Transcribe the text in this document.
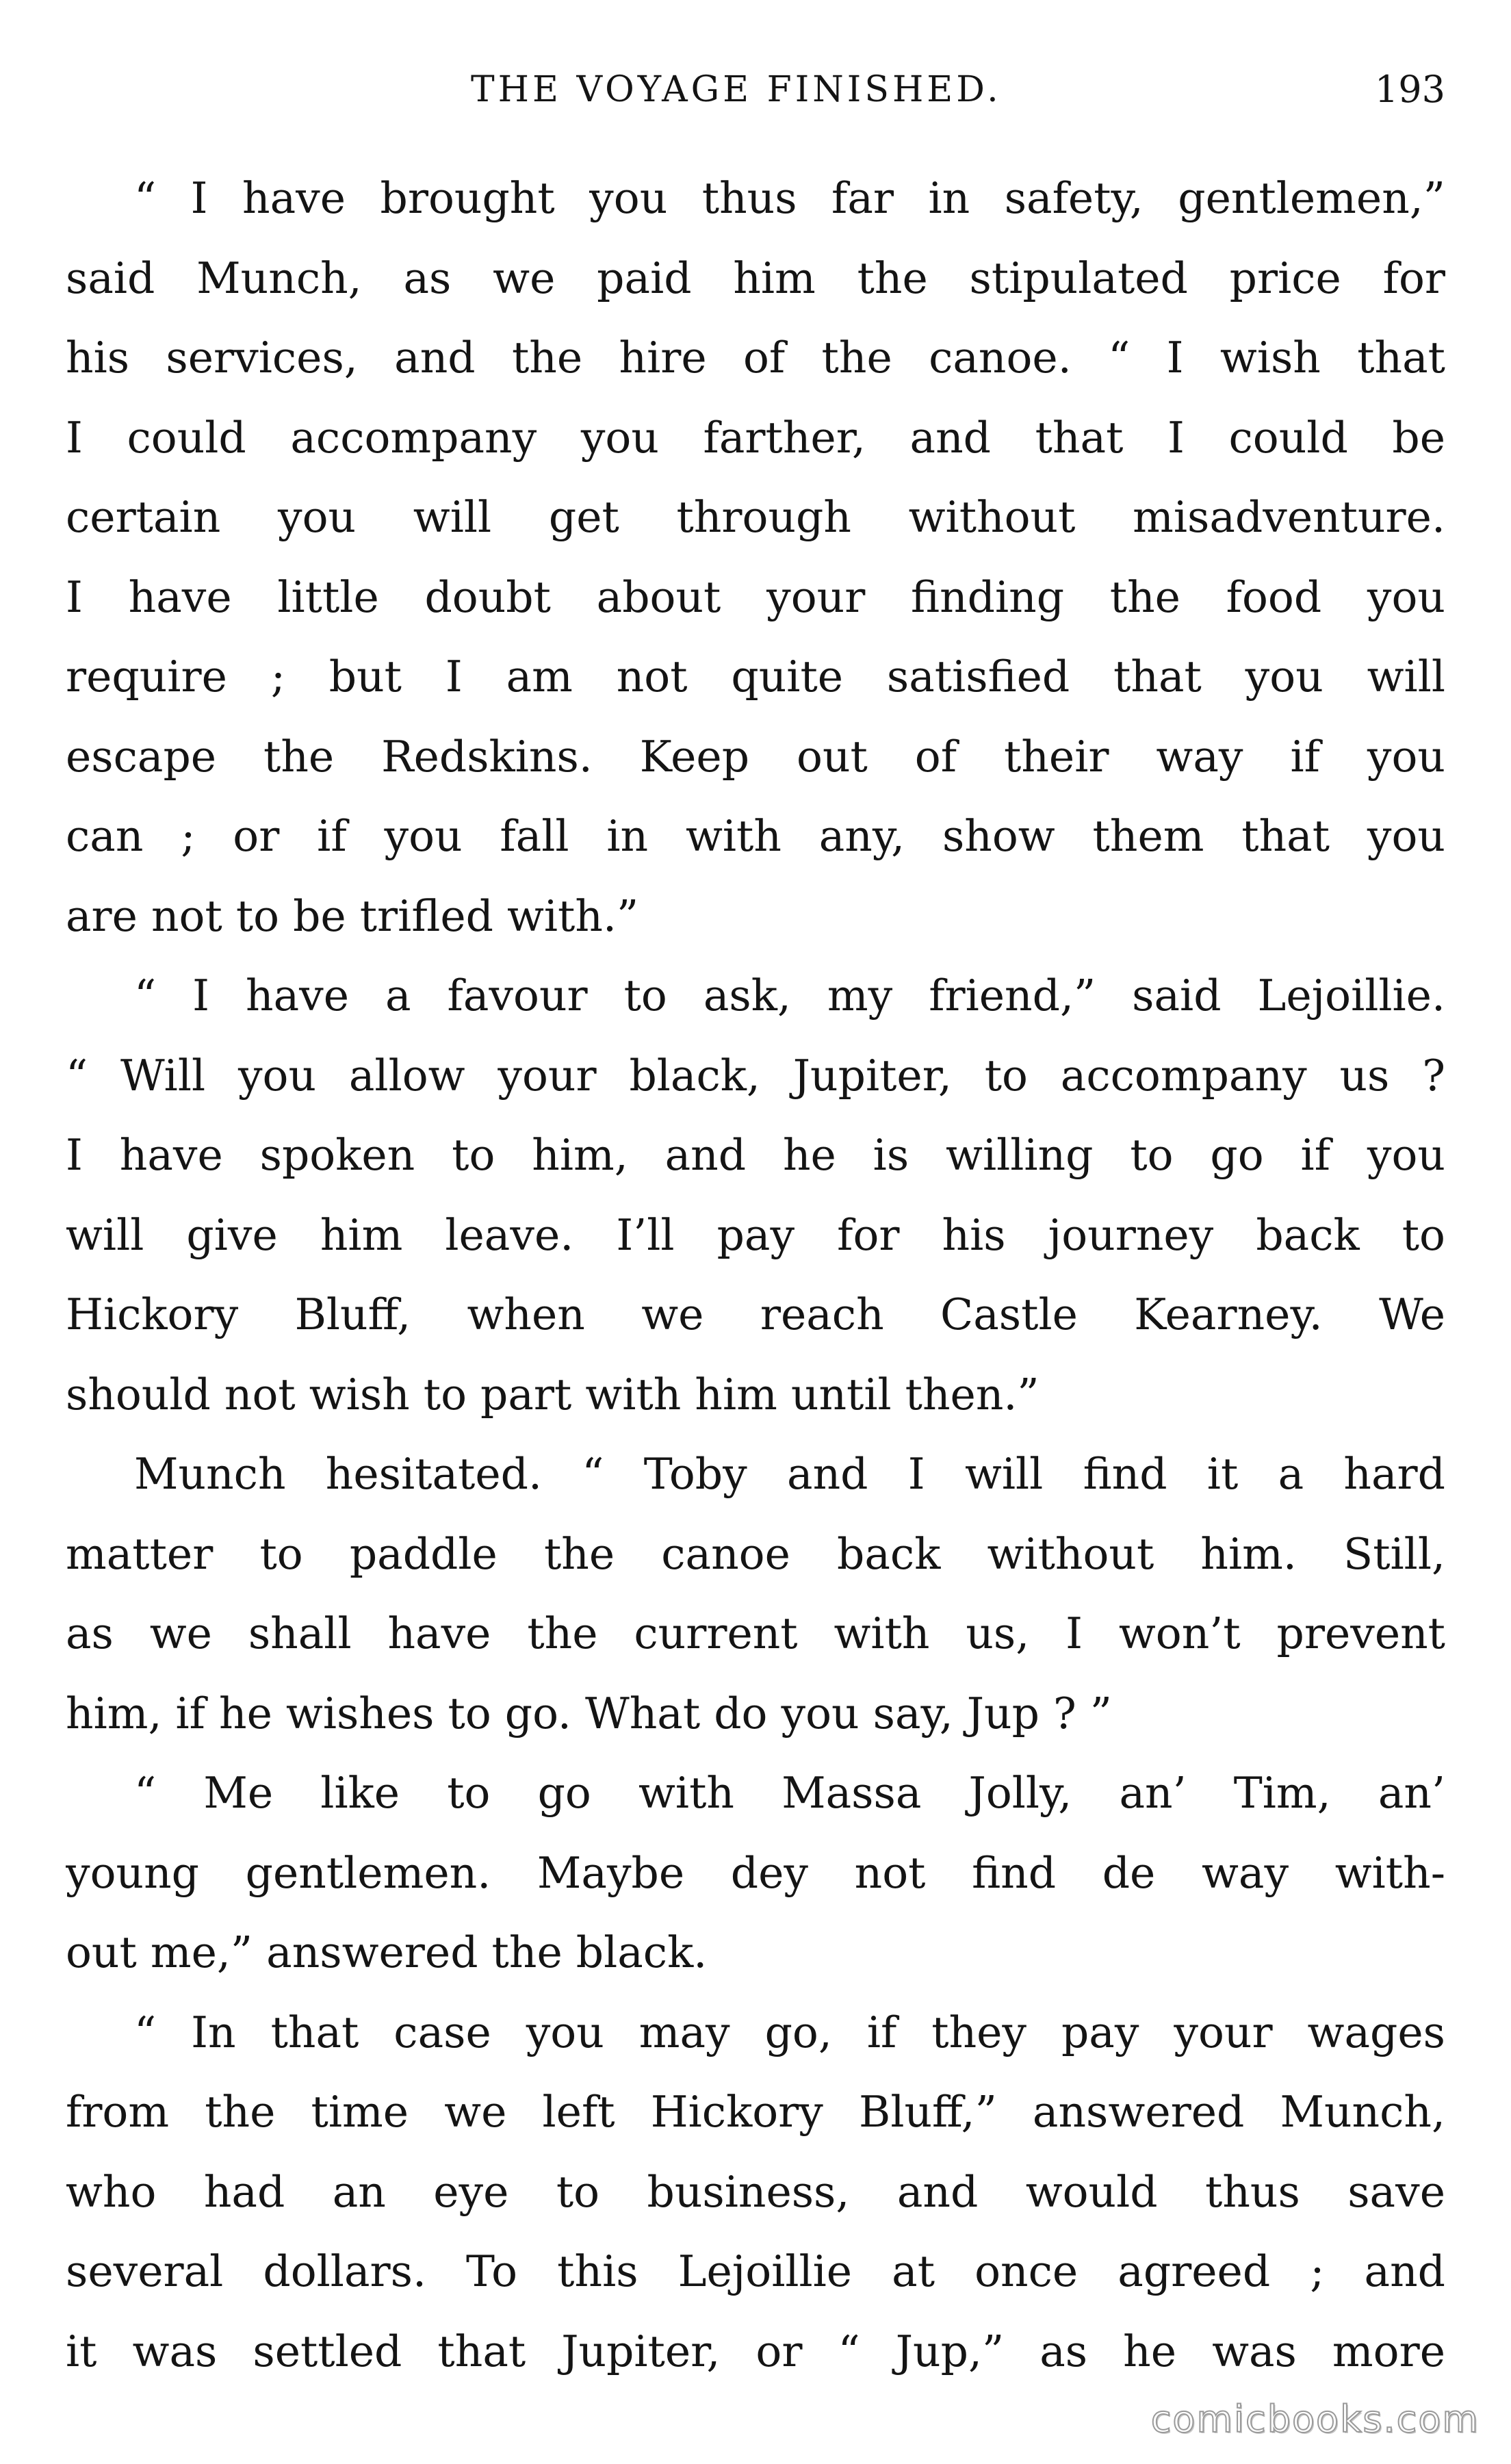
THE VOYAGE FINISHED.	193
“ I have brought you thus far in safety, gentlemen,”
said Munch, as we paid him the stipulated price for
his services, and the hire of the canoe. “ I wish that
I could accompany you farther, and that I could be
certain you will get through without misadventure.
I have little doubt about your finding the food you
require ; but I am not quite satisfied that you will
escape the Redskins. Keep out of their way if you
can ; or if you fall in with any, show them that you
are not to be trifled with.”
“ I have a favour to ask, my friend,” said Lejoillie.
“ Will you allow your black, Jupiter, to accompany us ?
I have spoken to him, and he is willing to go if you
will give him leave. I’ll pay for his journey back to
Hickory Bluff, when we reach Castle Kearney. We
should not wish to part with him until then.”
Munch hesitated. “ Toby and I will find it a hard
matter to paddle the canoe back without him. Still,
as we shall have the current with us, I won’t prevent
him, if he wishes to go. What do you say, Jup ? ”
“ Me like to go with Massa Jolly, an’ Tim, an’
young gentlemen. Maybe dey not find de way with-
out me,” answered the black.
“ In that case you may go, if they pay your wages
from the time we left Hickory Bluff,” answered Munch,
who had an eye to business, and would thus save
several dollars. To this Lejoillie at once agreed ; and
it was settled that Jupiter, or “ Jup,” as he was more
comicbooks.com
